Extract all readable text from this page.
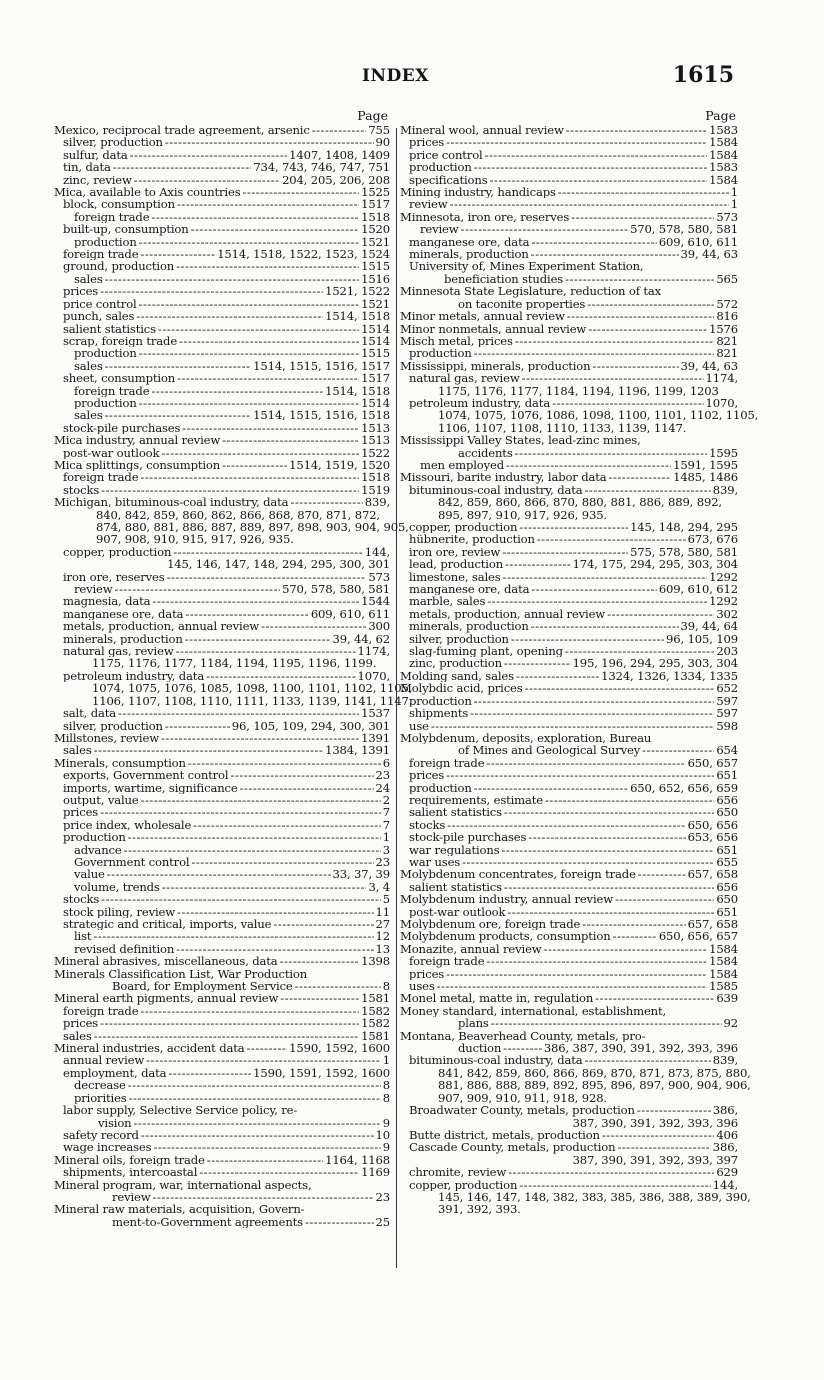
INDEX	1615
Page
Mexico, reciprocal trade agreement, arsenic -----	755
silver, production -----	90
sulfur, data -----	1407, 1408, 1409
tin, data -----	734, 743, 746, 747, 751
zinc, review -----	204, 205, 206, 208
Mica, available to Axis countries -----	1525
block, consumption -----	1517
foreign trade -----	1518
built-up, consumption -----	1520
production -----	1521
foreign trade -----	1514, 1518, 1522, 1523, 1524
ground, production -----	1515
sales -----	1516
prices -----	1521, 1522
price control -----	1521
punch, sales -----	1514, 1518
salient statistics -----	1514
scrap, foreign trade -----	1514
production -----	1515
sales -----	1514, 1515, 1516, 1517
sheet, consumption -----	1517
foreign trade -----	1514, 1518
production -----	1514
sales -----	1514, 1515, 1516, 1518
stock-pile purchases -----	1513
Mica industry, annual review -----	1513
post-war outlook -----	1522
Mica splittings, consumption -----	1514, 1519, 1520
foreign trade -----	1518
stocks -----	1519
Michigan, bituminous-coal industry, data -----	839,
840, 842, 859, 860, 862, 866, 868, 870, 871, 872,
874, 880, 881, 886, 887, 889, 897, 898, 903, 904, 905,
907, 908, 910, 915, 917, 926, 935.
copper, production -----	144,
145, 146, 147, 148, 294, 295, 300, 301
iron ore, reserves -----	573
review -----	570, 578, 580, 581
magnesia, data -----	1544
manganese ore, data -----	609, 610, 611
metals, production, annual review -----	300
minerals, production -----	39, 44, 62
natural gas, review -----	1174,
1175, 1176, 1177, 1184, 1194, 1195, 1196, 1199.
petroleum industry, data -----	1070,
1074, 1075, 1076, 1085, 1098, 1100, 1101, 1102, 1105,
1106, 1107, 1108, 1110, 1111, 1133, 1139, 1141, 1147.
salt, data -----	1537
silver, production -----	96, 105, 109, 294, 300, 301
Millstones, review -----	1391
sales -----	1384, 1391
Minerals, consumption -----	6
exports, Government control -----	23
imports, wartime, significance -----	24
output, value -----	2
prices -----	7
price index, wholesale -----	7
production -----	1
advance -----	3
Government control -----	23
value -----	33, 37, 39
volume, trends -----	3, 4
stocks -----	5
stock piling, review -----	11
strategic and critical, imports, value -----	27
list -----	12
revised definition -----	13
Mineral abrasives, miscellaneous, data -----	1398
Minerals Classification List, War Production
Board, for Employment Service -----	8
Mineral earth pigments, annual review -----	1581
foreign trade -----	1582
prices -----	1582
sales -----	1581
Mineral industries, accident data -----	1590, 1592, 1600
annual review -----	1
employment, data -----	1590, 1591, 1592, 1600
decrease -----	8
priorities -----	8
labor supply, Selective Service policy, re-
vision -----	9
safety record -----	10
wage increases -----	9
Mineral oils, foreign trade -----	1164, 1168
shipments, intercoastal -----	1169
Mineral program, war, international aspects,
review -----	23
Mineral raw materials, acquisition, Govern-
ment-to-Government agreements -----	25
Page
Mineral wool, annual review -----	1583
prices -----	1584
price control -----	1584
production -----	1583
specifications -----	1584
Mining industry, handicaps -----	1
review -----	1
Minnesota, iron ore, reserves -----	573
review -----	570, 578, 580, 581
manganese ore, data -----	609, 610, 611
minerals, production -----	39, 44, 63
University of, Mines Experiment Station,
beneficiation studies -----	565
Minnesota State Legislature, reduction of tax
on taconite properties -----	572
Minor metals, annual review -----	816
Minor nonmetals, annual review -----	1576
Misch metal, prices -----	821
production -----	821
Mississippi, minerals, production -----	39, 44, 63
natural gas, review -----	1174,
1175, 1176, 1177, 1184, 1194, 1196, 1199, 1203
petroleum industry, data -----	1070,
1074, 1075, 1076, 1086, 1098, 1100, 1101, 1102, 1105,
1106, 1107, 1108, 1110, 1133, 1139, 1147.
Mississippi Valley States, lead-zinc mines,
accidents -----	1595
men employed -----	1591, 1595
Missouri, barite industry, labor data -----	1485, 1486
bituminous-coal industry, data -----	839,
842, 859, 860, 866, 870, 880, 881, 886, 889, 892,
895, 897, 910, 917, 926, 935.
copper, production -----	145, 148, 294, 295
hübnerite, production -----	673, 676
iron ore, review -----	575, 578, 580, 581
lead, production -----	174, 175, 294, 295, 303, 304
limestone, sales -----	1292
manganese ore, data -----	609, 610, 612
marble, sales -----	1292
metals, production, annual review -----	302
minerals, production -----	39, 44, 64
silver, production -----	96, 105, 109
slag-fuming plant, opening -----	203
zinc, production -----	195, 196, 294, 295, 303, 304
Molding sand, sales -----	1324, 1326, 1334, 1335
Molybdic acid, prices -----	652
production -----	597
shipments -----	597
use -----	598
Molybdenum, deposits, exploration, Bureau
of Mines and Geological Survey -----	654
foreign trade -----	650, 657
prices -----	651
production -----	650, 652, 656, 659
requirements, estimate -----	656
salient statistics -----	650
stocks -----	650, 656
stock-pile purchases -----	653, 656
war regulations -----	651
war uses -----	655
Molybdenum concentrates, foreign trade -----	657, 658
salient statistics -----	656
Molybdenum industry, annual review -----	650
post-war outlook -----	651
Molybdenum ore, foreign trade -----	657, 658
Molybdenum products, consumption -----	650, 656, 657
Monazite, annual review -----	1584
foreign trade -----	1584
prices -----	1584
uses -----	1585
Monel metal, matte in, regulation -----	639
Money standard, international, establishment,
plans -----	92
Montana, Beaverhead County, metals, pro-
duction -----	386, 387, 390, 391, 392, 393, 396
bituminous-coal industry, data -----	839,
841, 842, 859, 860, 866, 869, 870, 871, 873, 875, 880,
881, 886, 888, 889, 892, 895, 896, 897, 900, 904, 906,
907, 909, 910, 911, 918, 928.
Broadwater County, metals, production -----	386,
387, 390, 391, 392, 393, 396
Butte district, metals, production -----	406
Cascade County, metals, production -----	386,
387, 390, 391, 392, 393, 397
chromite, review -----	629
copper, production -----	144,
145, 146, 147, 148, 382, 383, 385, 386, 388, 389, 390,
391, 392, 393.
